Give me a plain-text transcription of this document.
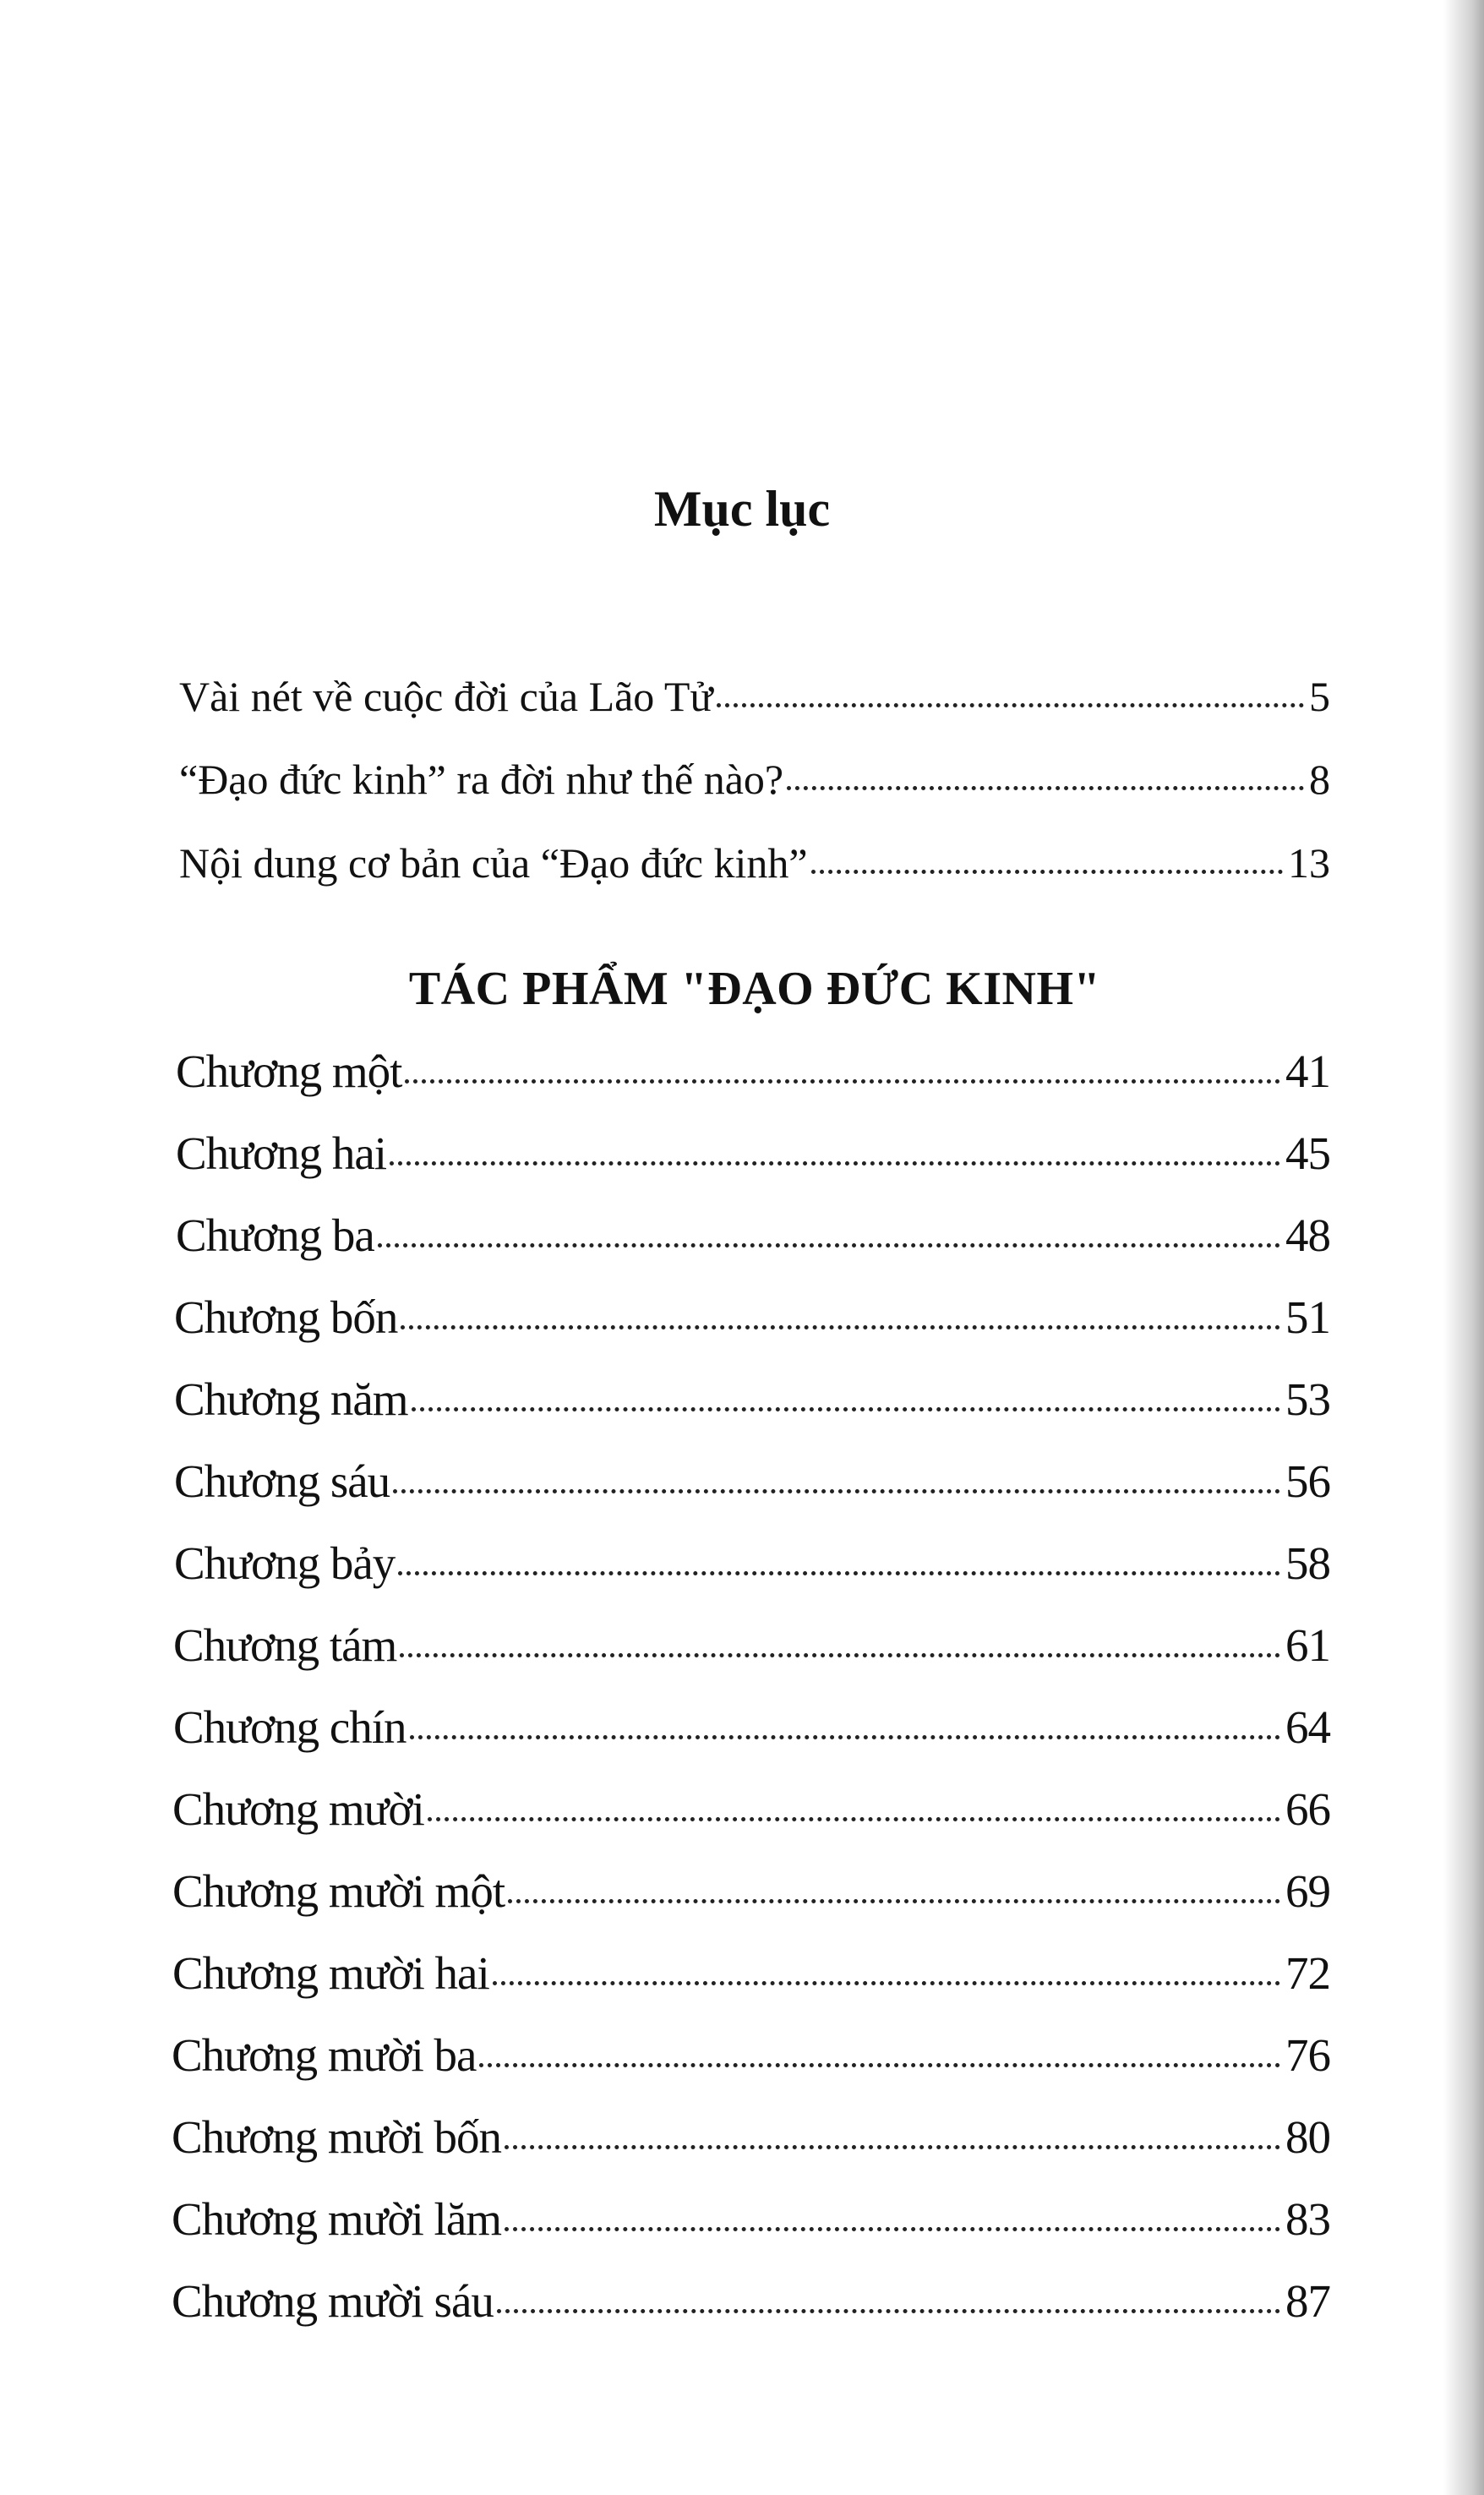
Mục lục
Vài nét về cuộc đời của Lão Tử	5
“Đạo đức kinh” ra đời như thế nào?	8
Nội dung cơ bản của “Đạo đức kinh”	13
TÁC PHẨM "ĐẠO ĐỨC KINH"
Chương một	41
Chương hai	45
Chương ba	48
Chương bốn	51
Chương năm	53
Chương sáu	56
Chương bảy	58
Chương tám	61
Chương chín	64
Chương mười	66
Chương mười một	69
Chương mười hai	72
Chương mười ba	76
Chương mười bốn	80
Chương mười lăm	83
Chương mười sáu	87
